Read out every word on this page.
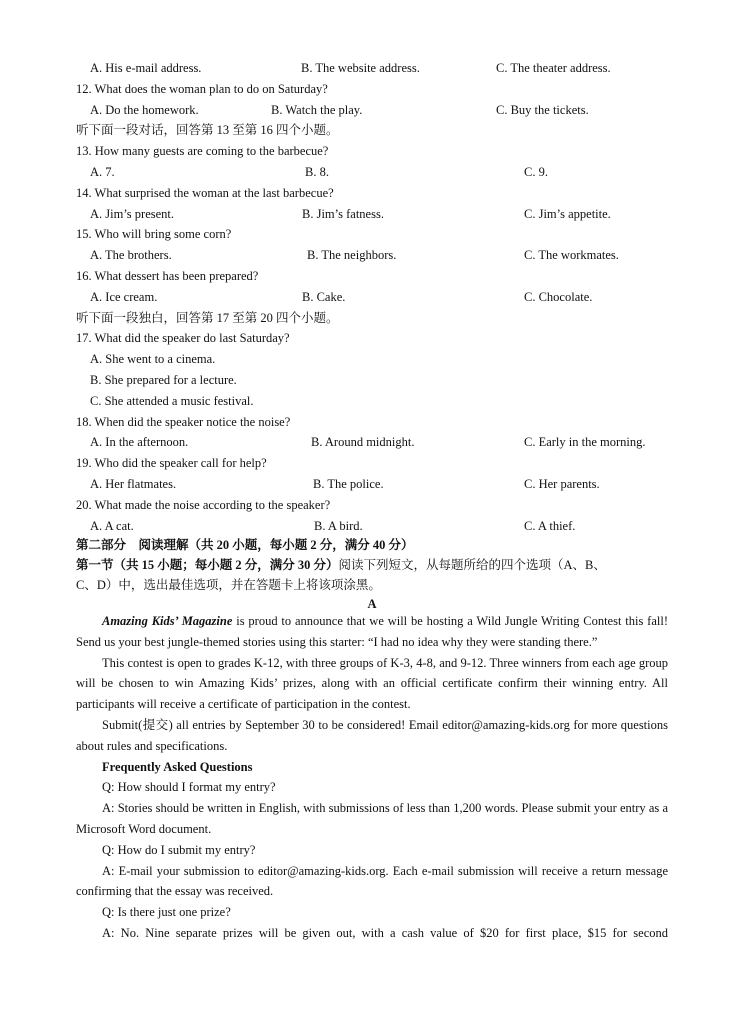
A. His e-mail address.	B. The website address.	C. The theater address.
12. What does the woman plan to do on Saturday?
A. Do the homework.	B. Watch the play.	C. Buy the tickets.
听下面一段对话，回答第 13 至第 16 四个小题。
13. How many guests are coming to the barbecue?
A. 7.	B. 8.	C. 9.
14. What surprised the woman at the last barbecue?
A. Jim’s present.	B. Jim’s fatness.	C. Jim’s appetite.
15. Who will bring some corn?
A. The brothers.	B. The neighbors.	C. The workmates.
16. What dessert has been prepared?
A. Ice cream.	B. Cake.	C. Chocolate.
听下面一段独白，回答第 17 至第 20 四个小题。
17. What did the speaker do last Saturday?
A. She went to a cinema.
B. She prepared for a lecture.
C. She attended a music festival.
18. When did the speaker notice the noise?
A. In the afternoon.	B. Around midnight.	C. Early in the morning.
19. Who did the speaker call for help?
A. Her flatmates.	B. The police.	C. Her parents.
20. What made the noise according to the speaker?
A. A cat.	B. A bird.	C. A thief.
第二部分　阅读理解（共 20 小题，每小题 2 分，满分 40 分）
第一节（共 15 小题；每小题 2 分，满分 30 分）阅读下列短文，从每题所给的四个选项（A、B、
C、D）中，选出最佳选项，并在答题卡上将该项涂黑。
A

Amazing Kids’ Magazine is proud to announce that we will be hosting a Wild Jungle Writing Contest this fall! Send us your best jungle-themed stories using this starter: “I had no idea why they were standing there.”

This contest is open to grades K-12, with three groups of K-3, 4-8, and 9-12. Three winners from each age group will be chosen to win Amazing Kids’ prizes, along with an official certificate confirm their winning entry. All participants will receive a certificate of participation in the contest.

Submit(提交) all entries by September 30 to be considered! Email editor@amazing-kids.org for more questions about rules and specifications.

Frequently Asked Questions

Q: How should I format my entry?

A: Stories should be written in English, with submissions of less than 1,200 words. Please submit your entry as a Microsoft Word document.

Q: How do I submit my entry?

A: E-mail your submission to editor@amazing-kids.org. Each e-mail submission will receive a return message confirming that the essay was received.

Q: Is there just one prize?

A: No. Nine separate prizes will be given out, with a cash value of $20 for first place, $15 for second
